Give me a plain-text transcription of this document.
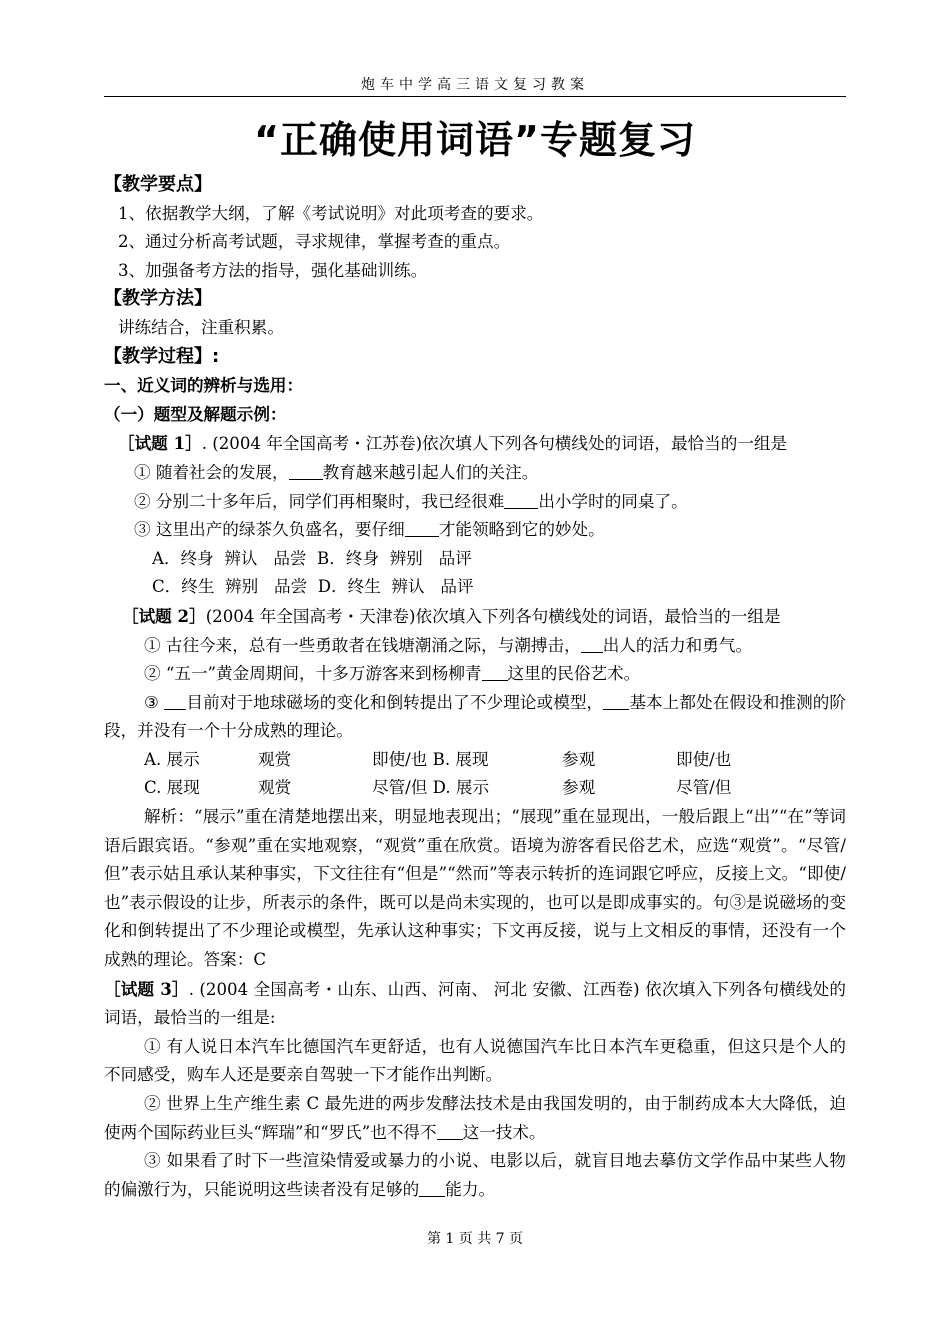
炮车中学高三语文复习教案
“正确使用词语”专题复习

【教学要点】

1、依据教学大纲，了解《考试说明》对此项考查的要求。

2、通过分析高考试题，寻求规律，掌握考查的重点。

3、加强备考方法的指导，强化基础训练。

【教学方法】

讲练结合，注重积累。

【教学过程】:

一、近义词的辨析与选用：

（一）题型及解题示例：

［试题 1］. (2004 年全国高考・江苏卷)依次填人下列各句横线处的词语，最恰当的一组是

① 随着社会的发展， 教育越来越引起人们的关注。

② 分别二十多年后，同学们再相聚时，我已经很难 出小学时的同桌了。

③ 这里出产的绿茶久负盛名，要仔细 才能领略到它的妙处。

A．终身  辨认   品尝  B．终身  辨别   品评

C．终生  辨别   品尝  D．终生  辨认   品评

［试题 2］(2004 年全国高考・天津卷)依次填入下列各句横线处的词语，最恰当的一组是

① 古往今来，总有一些勇敢者在钱塘潮涌之际，与潮搏击， 出人的活力和勇气。

② “五一”黄金周期间，十多万游客来到杨柳青 这里的民俗艺术。

③ 目前对于地球磁场的变化和倒转提出了不少理论或模型， 基本上都处在假设和推测的阶段，并没有一个十分成熟的理论。

A. 展示	观赏	即使/也 B. 展现	参观	即使/也

C. 展现	观赏	尽管/但 D. 展示	参观	尽管/但

解析：“展示”重在清楚地摆出来，明显地表现出；“展现”重在显现出，一般后跟上“出”“在”等词语后跟宾语。“参观”重在实地观察，“观赏”重在欣赏。语境为游客看民俗艺术，应选“观赏”。“尽管/但”表示姑且承认某种事实，下文往往有“但是”“然而”等表示转折的连词跟它呼应，反接上文。“即使/也”表示假设的让步，所表示的条件，既可以是尚未实现的，也可以是即成事实的。句③是说磁场的变化和倒转提出了不少理论或模型，先承认这种事实；下文再反接，说与上文相反的事情，还没有一个成熟的理论。答案：C

［试题 3］. (2004 全国高考・山东、山西、河南、 河北 安徽、江西卷) 依次填入下列各句横线处的词语，最恰当的一组是:

① 有人说日本汽车比德国汽车更舒适，也有人说德国汽车比日本汽车更稳重，但这只是个人的不同感受，购车人还是要亲自驾驶一下才能作出判断。

② 世界上生产维生素 C 最先进的两步发酵法技术是由我国发明的，由于制药成本大大降低，迫使两个国际药业巨头“辉瑞”和“罗氏”也不得不 这一技术。

③ 如果看了时下一些渲染情爱或暴力的小说、电影以后，就盲目地去摹仿文学作品中某些人物的偏激行为，只能说明这些读者没有足够的 能力。

第 1 页 共 7 页
